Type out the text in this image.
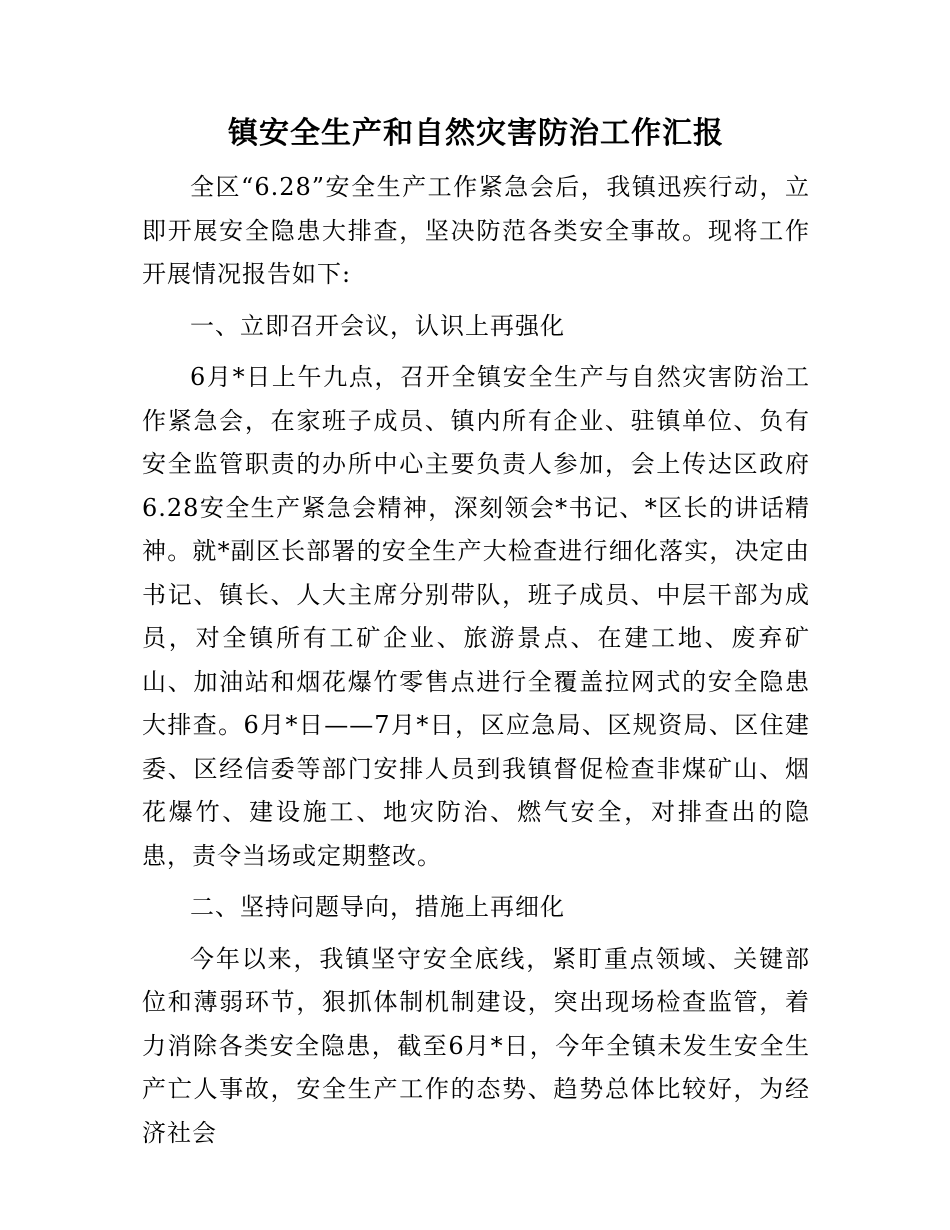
镇安全生产和自然灾害防治工作汇报

全区“6.28”安全生产工作紧急会后，我镇迅疾行动，立即开展安全隐患大排查，坚决防范各类安全事故。现将工作开展情况报告如下:

一、立即召开会议，认识上再强化

6月*日上午九点，召开全镇安全生产与自然灾害防治工作紧急会，在家班子成员、镇内所有企业、驻镇单位、负有安全监管职责的办所中心主要负责人参加，会上传达区政府6.28安全生产紧急会精神，深刻领会*书记、*区长的讲话精神。就*副区长部署的安全生产大检查进行细化落实，决定由书记、镇长、人大主席分别带队，班子成员、中层干部为成员，对全镇所有工矿企业、旅游景点、在建工地、废弃矿山、加油站和烟花爆竹零售点进行全覆盖拉网式的安全隐患大排查。6月*日——7月*日，区应急局、区规资局、区住建委、区经信委等部门安排人员到我镇督促检查非煤矿山、烟花爆竹、建设施工、地灾防治、燃气安全，对排查出的隐患，责令当场或定期整改。

二、坚持问题导向，措施上再细化

今年以来，我镇坚守安全底线，紧盯重点领域、关键部位和薄弱环节，狠抓体制机制建设，突出现场检查监管，着力消除各类安全隐患，截至6月*日，今年全镇未发生安全生产亡人事故，安全生产工作的态势、趋势总体比较好，为经济社会
